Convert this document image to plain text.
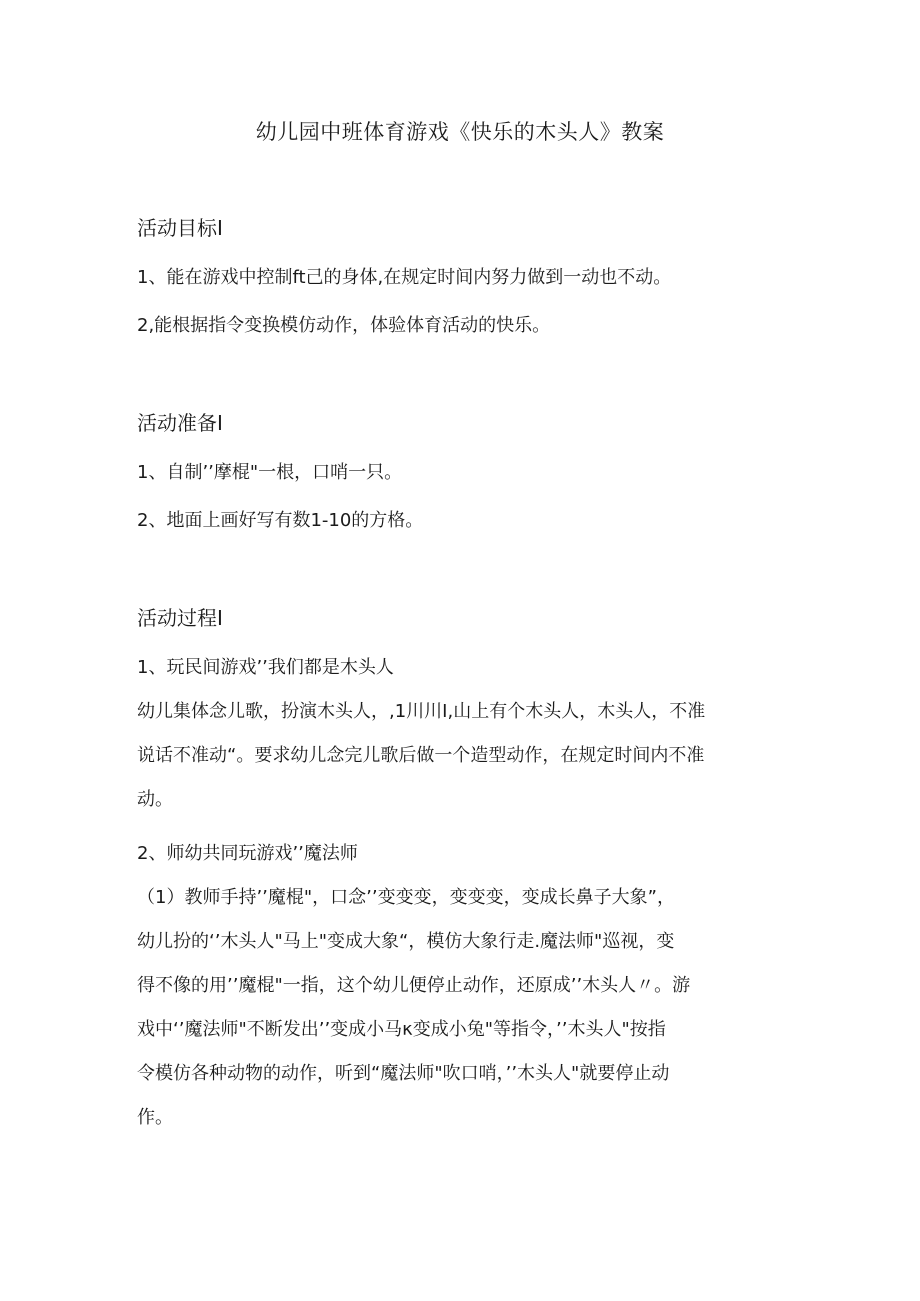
幼儿园中班体育游戏《快乐的木头人》教案
活动目标I
1、能在游戏中控制ft己的身体,在规定时间内努力做到一动也不动。
2,能根据指令变换模仿动作，体验体育活动的快乐。
活动准备I
1、自制’’摩棍"一根，口哨一只。
2、地面上画好写有数1-10的方格。
活动过程I
1、玩民间游戏’’我们都是木头人
幼儿集体念儿歌，扮演木头人，,1川川I,山上有个木头人，木头人，不准
说话不准动“。要求幼儿念完儿歌后做一个造型动作，在规定时间内不准
动。
2、师幼共同玩游戏’’魔法师
（1）教师手持’’魔棍"，口念’’变变变，变变变，变成长鼻子大象”，
幼儿扮的‘’木头人"马上"变成大象“，模仿大象行走.魔法师"巡视，变
得不像的用’’魔棍"一指，这个幼儿便停止动作，还原成’’木头人〃。游
戏中‘’魔法师"不断发出’’变成小马κ变成小兔"等指令，’’木头人"按指
令模仿各种动物的动作，听到“魔法师"吹口哨，’’木头人"就要停止动
作。
